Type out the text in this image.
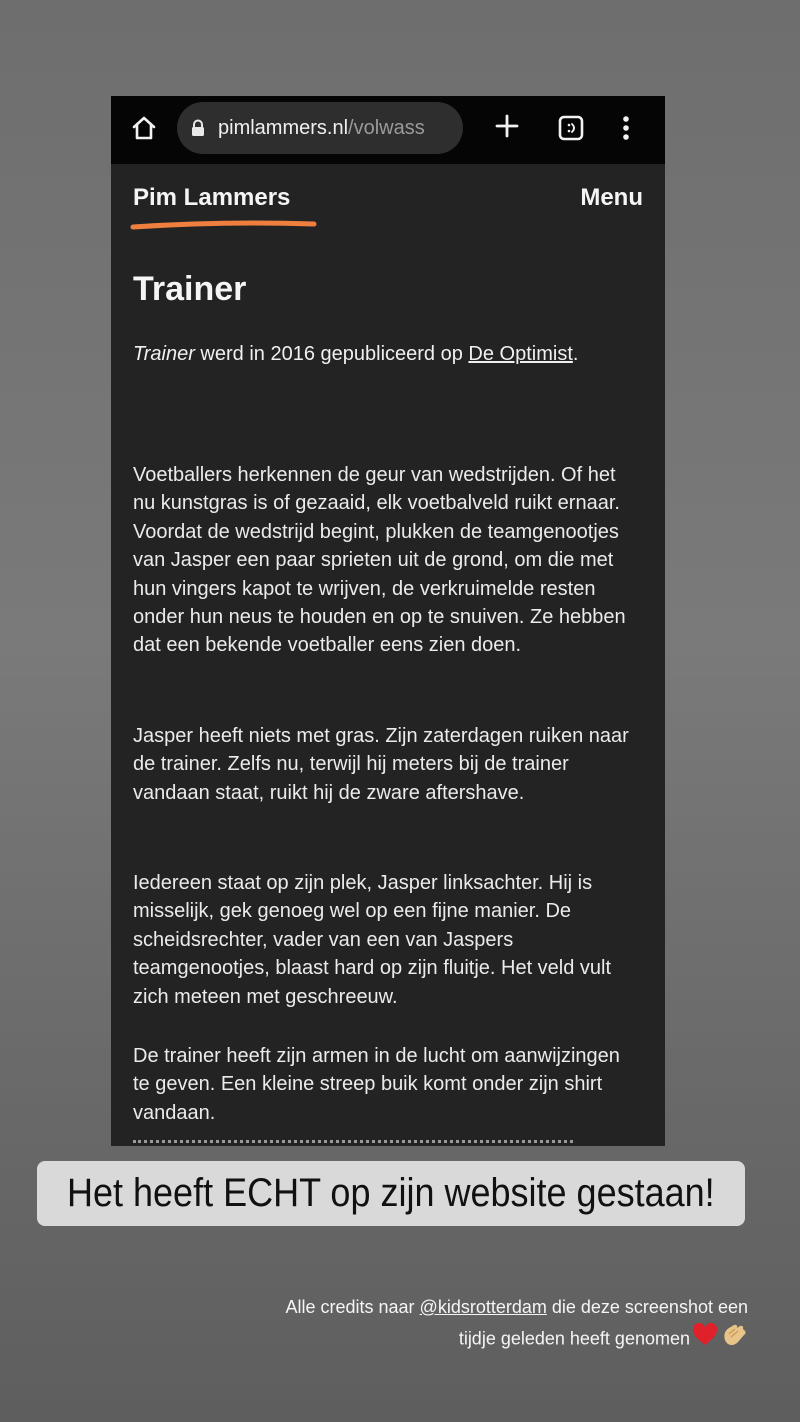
pimlammers.nl/volwass
Pim Lammers	Menu
Trainer

Trainer werd in 2016 gepubliceerd op De Optimist.

Voetballers herkennen de geur van wedstrijden. Of het nu kunstgras is of gezaaid, elk voetbalveld ruikt ernaar. Voordat de wedstrijd begint, plukken de teamgenootjes van Jasper een paar sprieten uit de grond, om die met hun vingers kapot te wrijven, de verkruimelde resten onder hun neus te houden en op te snuiven. Ze hebben dat een bekende voetballer eens zien doen.

Jasper heeft niets met gras. Zijn zaterdagen ruiken naar de trainer. Zelfs nu, terwijl hij meters bij de trainer vandaan staat, ruikt hij de zware aftershave.

Iedereen staat op zijn plek, Jasper linksachter. Hij is misselijk, gek genoeg wel op een fijne manier. De scheidsrechter, vader van een van Jaspers teamgenootjes, blaast hard op zijn fluitje. Het veld vult zich meteen met geschreeuw.

De trainer heeft zijn armen in de lucht om aanwijzingen te geven. Een kleine streep buik komt onder zijn shirt vandaan.

Het heeft ECHT op zijn website gestaan!
Alle credits naar @kidsrotterdam die deze screenshot een
tijdje geleden heeft genomen
